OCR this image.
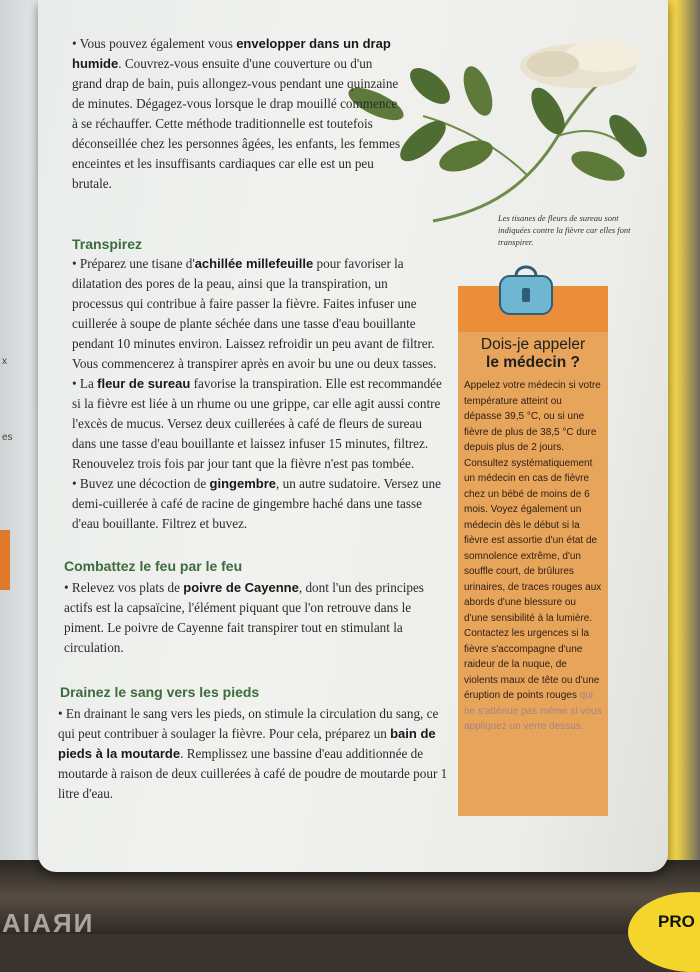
x
es
NRAIA	PRO
Les tisanes de fleurs de sureau sont indiquées contre la fièvre car elles font transpirer.

• Vous pouvez également vous envelopper dans un drap humide. Couvrez-vous ensuite d'une couverture ou d'un grand drap de bain, puis allongez-vous pendant une quinzaine de minutes. Dégagez-vous lorsque le drap mouillé commence à se réchauffer. Cette méthode traditionnelle est toutefois déconseillée chez les personnes âgées, les enfants, les femmes enceintes et les insuffisants cardiaques car elle est un peu brutale.

Transpirez

• Préparez une tisane d'achillée millefeuille pour favoriser la dilatation des pores de la peau, ainsi que la transpiration, un processus qui contribue à faire passer la fièvre. Faites infuser une cuillerée à soupe de plante séchée dans une tasse d'eau bouillante pendant 10 minutes environ. Laissez refroidir un peu avant de filtrer. Vous commencerez à transpirer après en avoir bu une ou deux tasses.

• La fleur de sureau favorise la transpiration. Elle est recommandée si la fièvre est liée à un rhume ou une grippe, car elle agit aussi contre l'excès de mucus. Versez deux cuillerées à café de fleurs de sureau dans une tasse d'eau bouillante et laissez infuser 15 minutes, filtrez. Renouvelez trois fois par jour tant que la fièvre n'est pas tombée.

• Buvez une décoction de gingembre, un autre sudatoire. Versez une demi-cuillerée à café de racine de gingembre haché dans une tasse d'eau bouillante. Filtrez et buvez.

Combattez le feu par le feu

• Relevez vos plats de poivre de Cayenne, dont l'un des principes actifs est la capsaïcine, l'élément piquant que l'on retrouve dans le piment. Le poivre de Cayenne fait transpirer tout en stimulant la circulation.

Drainez le sang vers les pieds

• En drainant le sang vers les pieds, on stimule la circulation du sang, ce qui peut contribuer à soulager la fièvre. Pour cela, préparez un bain de pieds à la moutarde. Remplissez une bassine d'eau additionnée de moutarde à raison de deux cuillerées à café de poudre de moutarde pour 1 litre d'eau.

Dois-je appeler
le médecin ?
Appelez votre médecin si votre température atteint ou dépasse 39,5 °C, ou si une fièvre de plus de 38,5 °C dure depuis plus de 2 jours. Consultez systématiquement un médecin en cas de fièvre chez un bébé de moins de 6 mois. Voyez également un médecin dès le début si la fièvre est assortie d'un état de somnolence extrême, d'un souffle court, de brûlures urinaires, de traces rouges aux abords d'une blessure ou d'une sensibilité à la lumière. Contactez les urgences si la fièvre s'accompagne d'une raideur de la nuque, de violents maux de tête ou d'une éruption de points rouges qui ne s'atténue pas même si vous appliquez un verre dessus.
